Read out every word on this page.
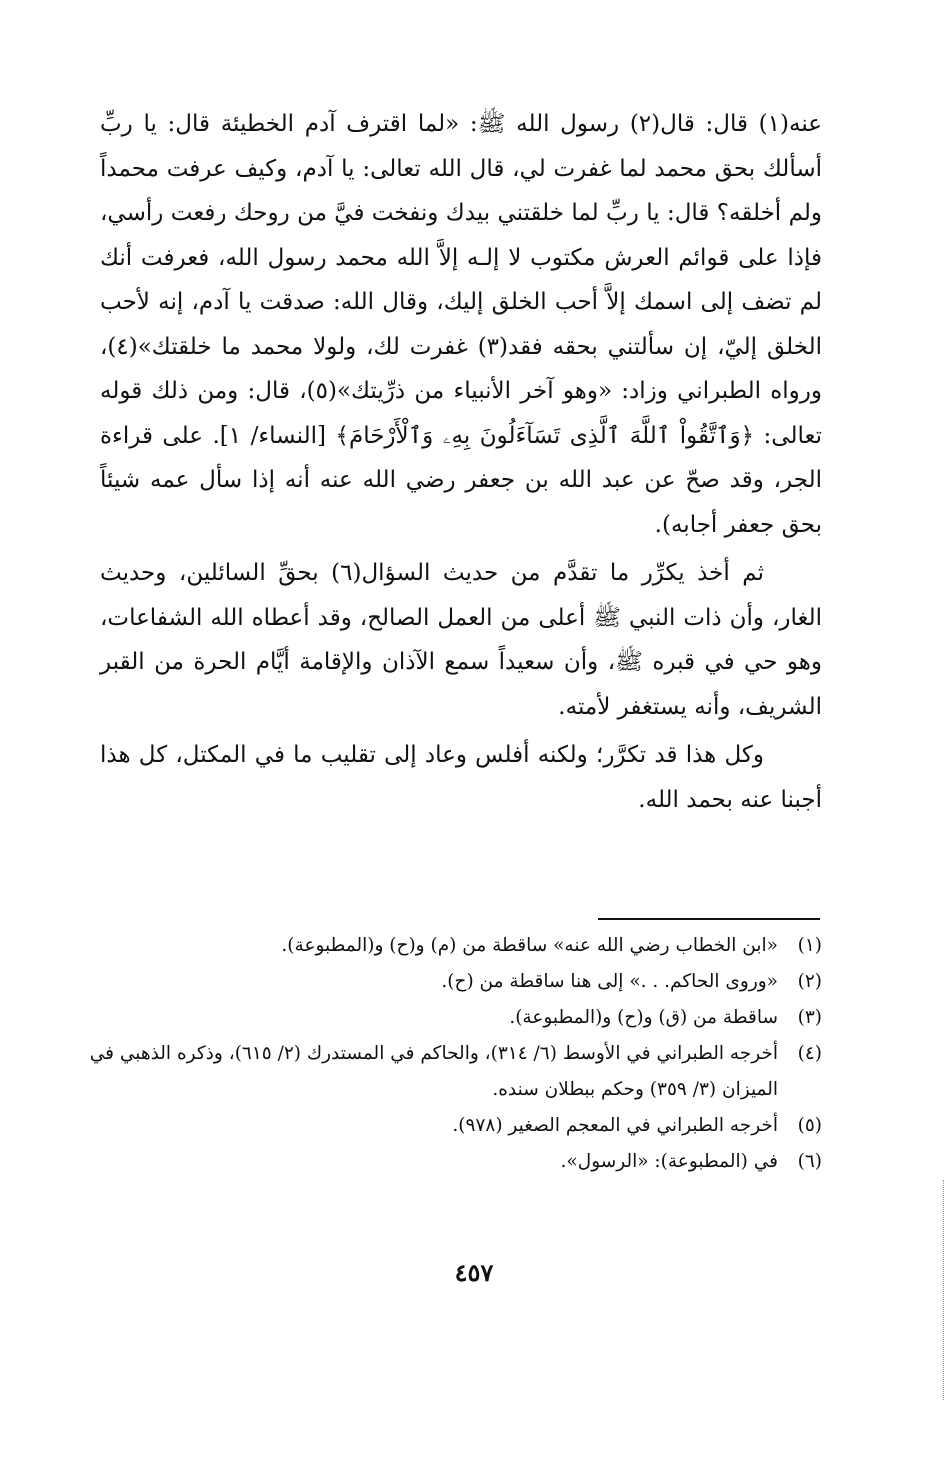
عنه(١) قال: قال(٢) رسول الله ﷺ: «لما اقترف آدم الخطيئة قال: يا ربِّ أسألك بحق محمد لما غفرت لي، قال الله تعالى: يا آدم، وكيف عرفت محمداً ولم أخلقه؟ قال: يا ربِّ لما خلقتني بيدك ونفخت فيَّ من روحك رفعت رأسي، فإذا على قوائم العرش مكتوب لا إلـه إلاَّ الله محمد رسول الله، فعرفت أنك لم تضف إلى اسمك إلاَّ أحب الخلق إليك، وقال الله: صدقت يا آدم، إنه لأحب الخلق إليّ، إن سألتني بحقه فقد(٣) غفرت لك، ولولا محمد ما خلقتك»(٤)، ورواه الطبراني وزاد: «وهو آخر الأنبياء من ذرِّيتك»(٥)، قال: ومن ذلك قوله تعالى: ﴿وَٱتَّقُواْ ٱللَّهَ ٱلَّذِى تَسَآءَلُونَ بِهِۦ وَٱلْأَرْحَامَ﴾ [النساء/ ١]. على قراءة الجر، وقد صحّ عن عبد الله بن جعفر رضي الله عنه أنه إذا سأل عمه شيئاً بحق جعفر أجابه).

ثم أخذ يكرِّر ما تقدَّم من حديث السؤال(٦) بحقِّ السائلين، وحديث الغار، وأن ذات النبي ﷺ أعلى من العمل الصالح، وقد أعطاه الله الشفاعات، وهو حي في قبره ﷺ، وأن سعيداً سمع الآذان والإقامة أيَّام الحرة من القبر الشريف، وأنه يستغفر لأمته.

وكل هذا قد تكرَّر؛ ولكنه أفلس وعاد إلى تقليب ما في المكتل، كل هذا أجبنا عنه بحمد الله.

(١)
«ابن الخطاب رضي الله عنه» ساقطة من (م) و(ح) و(المطبوعة).
(٢)
«وروى الحاكم. . .» إلى هنا ساقطة من (ح).
(٣)
ساقطة من (ق) و(ح) و(المطبوعة).
(٤)
أخرجه الطبراني في الأوسط (٦/ ٣١٤)، والحاكم في المستدرك (٢/ ٦١٥)، وذكره الذهبي في الميزان (٣/ ٣٥٩) وحكم ببطلان سنده.
(٥)
أخرجه الطبراني في المعجم الصغير (٩٧٨).
(٦)
في (المطبوعة): «الرسول».
٤٥٧
